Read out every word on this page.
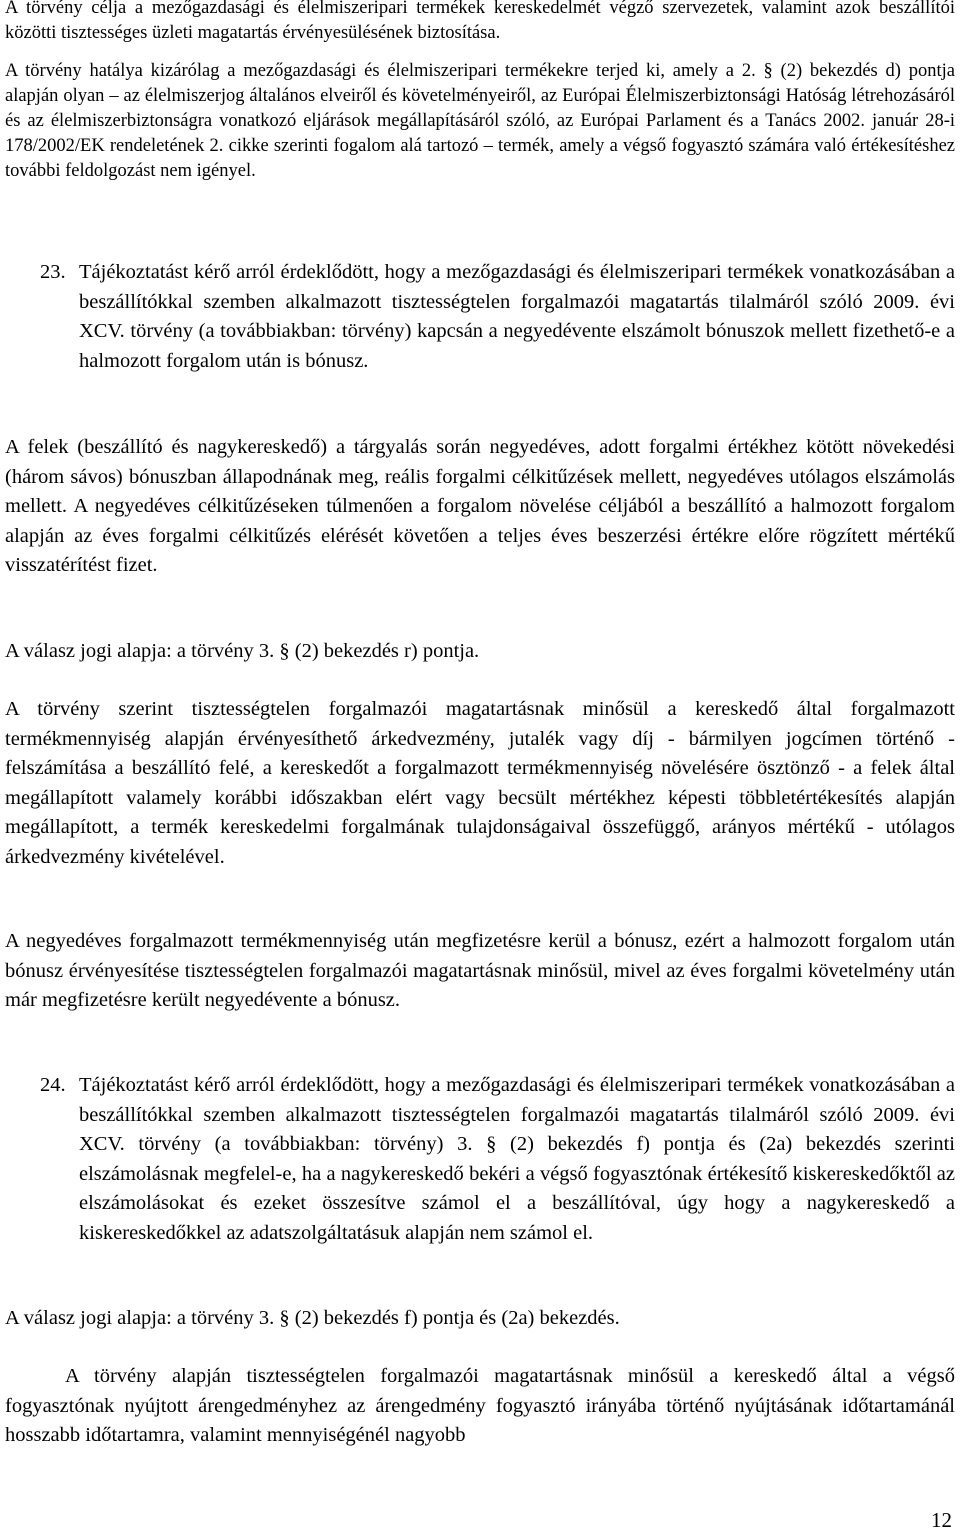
A törvény célja a mezőgazdasági és élelmiszeripari termékek kereskedelmét végző szervezetek, valamint azok beszállítói közötti tisztességes üzleti magatartás érvényesülésének biztosítása.

A törvény hatálya kizárólag a mezőgazdasági és élelmiszeripari termékekre terjed ki, amely a 2. § (2) bekezdés d) pontja alapján olyan – az élelmiszerjog általános elveiről és követelményeiről, az Európai Élelmiszerbiztonsági Hatóság létrehozásáról és az élelmiszerbiztonságra vonatkozó eljárások megállapításáról szóló, az Európai Parlament és a Tanács 2002. január 28-i 178/2002/EK rendeletének 2. cikke szerinti fogalom alá tartozó – termék, amely a végső fogyasztó számára való értékesítéshez további feldolgozást nem igényel.

23. Tájékoztatást kérő arról érdeklődött, hogy a mezőgazdasági és élelmiszeripari termékek vonatkozásában a beszállítókkal szemben alkalmazott tisztességtelen forgalmazói magatartás tilalmáról szóló 2009. évi XCV. törvény (a továbbiakban: törvény) kapcsán a negyedévente elszámolt bónuszok mellett fizethető-e a halmozott forgalom után is bónusz.

A felek (beszállító és nagykereskedő) a tárgyalás során negyedéves, adott forgalmi értékhez kötött növekedési (három sávos) bónuszban állapodnának meg, reális forgalmi célkitűzések mellett, negyedéves utólagos elszámolás mellett. A negyedéves célkitűzéseken túlmenően a forgalom növelése céljából a beszállító a halmozott forgalom alapján az éves forgalmi célkitűzés elérését követően a teljes éves beszerzési értékre előre rögzített mértékű visszatérítést fizet.

A válasz jogi alapja: a törvény 3. § (2) bekezdés r) pontja.

A törvény szerint tisztességtelen forgalmazói magatartásnak minősül a kereskedő által forgalmazott termékmennyiség alapján érvényesíthető árkedvezmény, jutalék vagy díj - bármilyen jogcímen történő - felszámítása a beszállító felé, a kereskedőt a forgalmazott termékmennyiség növelésére ösztönző - a felek által megállapított valamely korábbi időszakban elért vagy becsült mértékhez képesti többletértékesítés alapján megállapított, a termék kereskedelmi forgalmának tulajdonságaival összefüggő, arányos mértékű - utólagos árkedvezmény kivételével.

A negyedéves forgalmazott termékmennyiség után megfizetésre kerül a bónusz, ezért a halmozott forgalom után bónusz érvényesítése tisztességtelen forgalmazói magatartásnak minősül, mivel az éves forgalmi követelmény után már megfizetésre került negyedévente a bónusz.

24. Tájékoztatást kérő arról érdeklődött, hogy a mezőgazdasági és élelmiszeripari termékek vonatkozásában a beszállítókkal szemben alkalmazott tisztességtelen forgalmazói magatartás tilalmáról szóló 2009. évi XCV. törvény (a továbbiakban: törvény) 3. § (2) bekezdés f) pontja és (2a) bekezdés szerinti elszámolásnak megfelel-e, ha a nagykereskedő bekéri a végső fogyasztónak értékesítő kiskereskedőktől az elszámolásokat és ezeket összesítve számol el a beszállítóval, úgy hogy a nagykereskedő a kiskereskedőkkel az adatszolgáltatásuk alapján nem számol el.

A válasz jogi alapja: a törvény 3. § (2) bekezdés f) pontja és (2a) bekezdés.

A törvény alapján tisztességtelen forgalmazói magatartásnak minősül a kereskedő által a végső fogyasztónak nyújtott árengedményhez az árengedmény fogyasztó irányába történő nyújtásának időtartamánál hosszabb időtartamra, valamint mennyiségénél nagyobb

12
